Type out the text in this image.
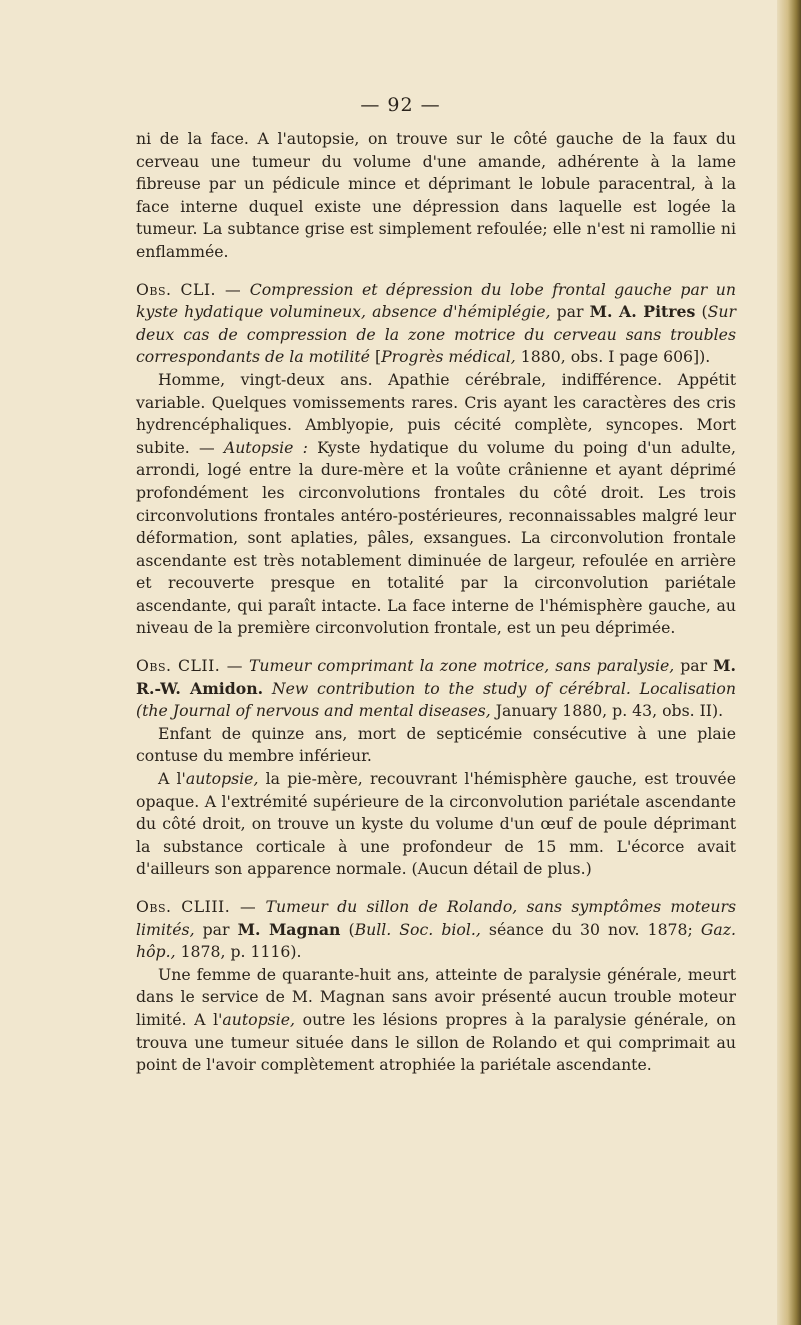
— 92 —

ni de la face. A l'autopsie, on trouve sur le côté gauche de la faux du cerveau une tumeur du volume d'une amande, adhérente à la lame fibreuse par un pédicule mince et déprimant le lobule paracentral, à la face interne duquel existe une dépression dans laquelle est logée la tumeur. La subtance grise est simplement refoulée; elle n'est ni ramollie ni enflammée.

Obs. CLI. — Compression et dépression du lobe frontal gauche par un kyste hydatique volumineux, absence d'hémiplégie, par M. A. Pitres (Sur deux cas de compression de la zone motrice du cerveau sans troubles correspondants de la motilité [Progrès médical, 1880, obs. I page 606]).

Homme, vingt-deux ans. Apathie cérébrale, indifférence. Appétit variable. Quelques vomissements rares. Cris ayant les caractères des cris hydrencéphaliques. Amblyopie, puis cécité complète, syncopes. Mort subite. — Autopsie : Kyste hydatique du volume du poing d'un adulte, arrondi, logé entre la dure-mère et la voûte crânienne et ayant déprimé profondément les circonvolutions frontales du côté droit. Les trois circonvolutions frontales antéro-postérieures, reconnaissables malgré leur déformation, sont aplaties, pâles, exsangues. La circonvolution frontale ascendante est très notablement diminuée de largeur, refoulée en arrière et recouverte presque en totalité par la circonvolution pariétale ascendante, qui paraît intacte. La face interne de l'hémisphère gauche, au niveau de la première circonvolution frontale, est un peu déprimée.

Obs. CLII. — Tumeur comprimant la zone motrice, sans paralysie, par M. R.-W. Amidon. New contribution to the study of cérébral. Localisation (the Journal of nervous and mental diseases, January 1880, p. 43, obs. II).

Enfant de quinze ans, mort de septicémie consécutive à une plaie contuse du membre inférieur.

A l'autopsie, la pie-mère, recouvrant l'hémisphère gauche, est trouvée opaque. A l'extrémité supérieure de la circonvolution pariétale ascendante du côté droit, on trouve un kyste du volume d'un œuf de poule déprimant la substance corticale à une profondeur de 15 mm. L'écorce avait d'ailleurs son apparence normale. (Aucun détail de plus.)

Obs. CLIII. — Tumeur du sillon de Rolando, sans symptômes moteurs limités, par M. Magnan (Bull. Soc. biol., séance du 30 nov. 1878; Gaz. hôp., 1878, p. 1116).

Une femme de quarante-huit ans, atteinte de paralysie générale, meurt dans le service de M. Magnan sans avoir présenté aucun trouble moteur limité. A l'autopsie, outre les lésions propres à la paralysie générale, on trouva une tumeur située dans le sillon de Rolando et qui comprimait au point de l'avoir complètement atrophiée la pariétale ascendante.
